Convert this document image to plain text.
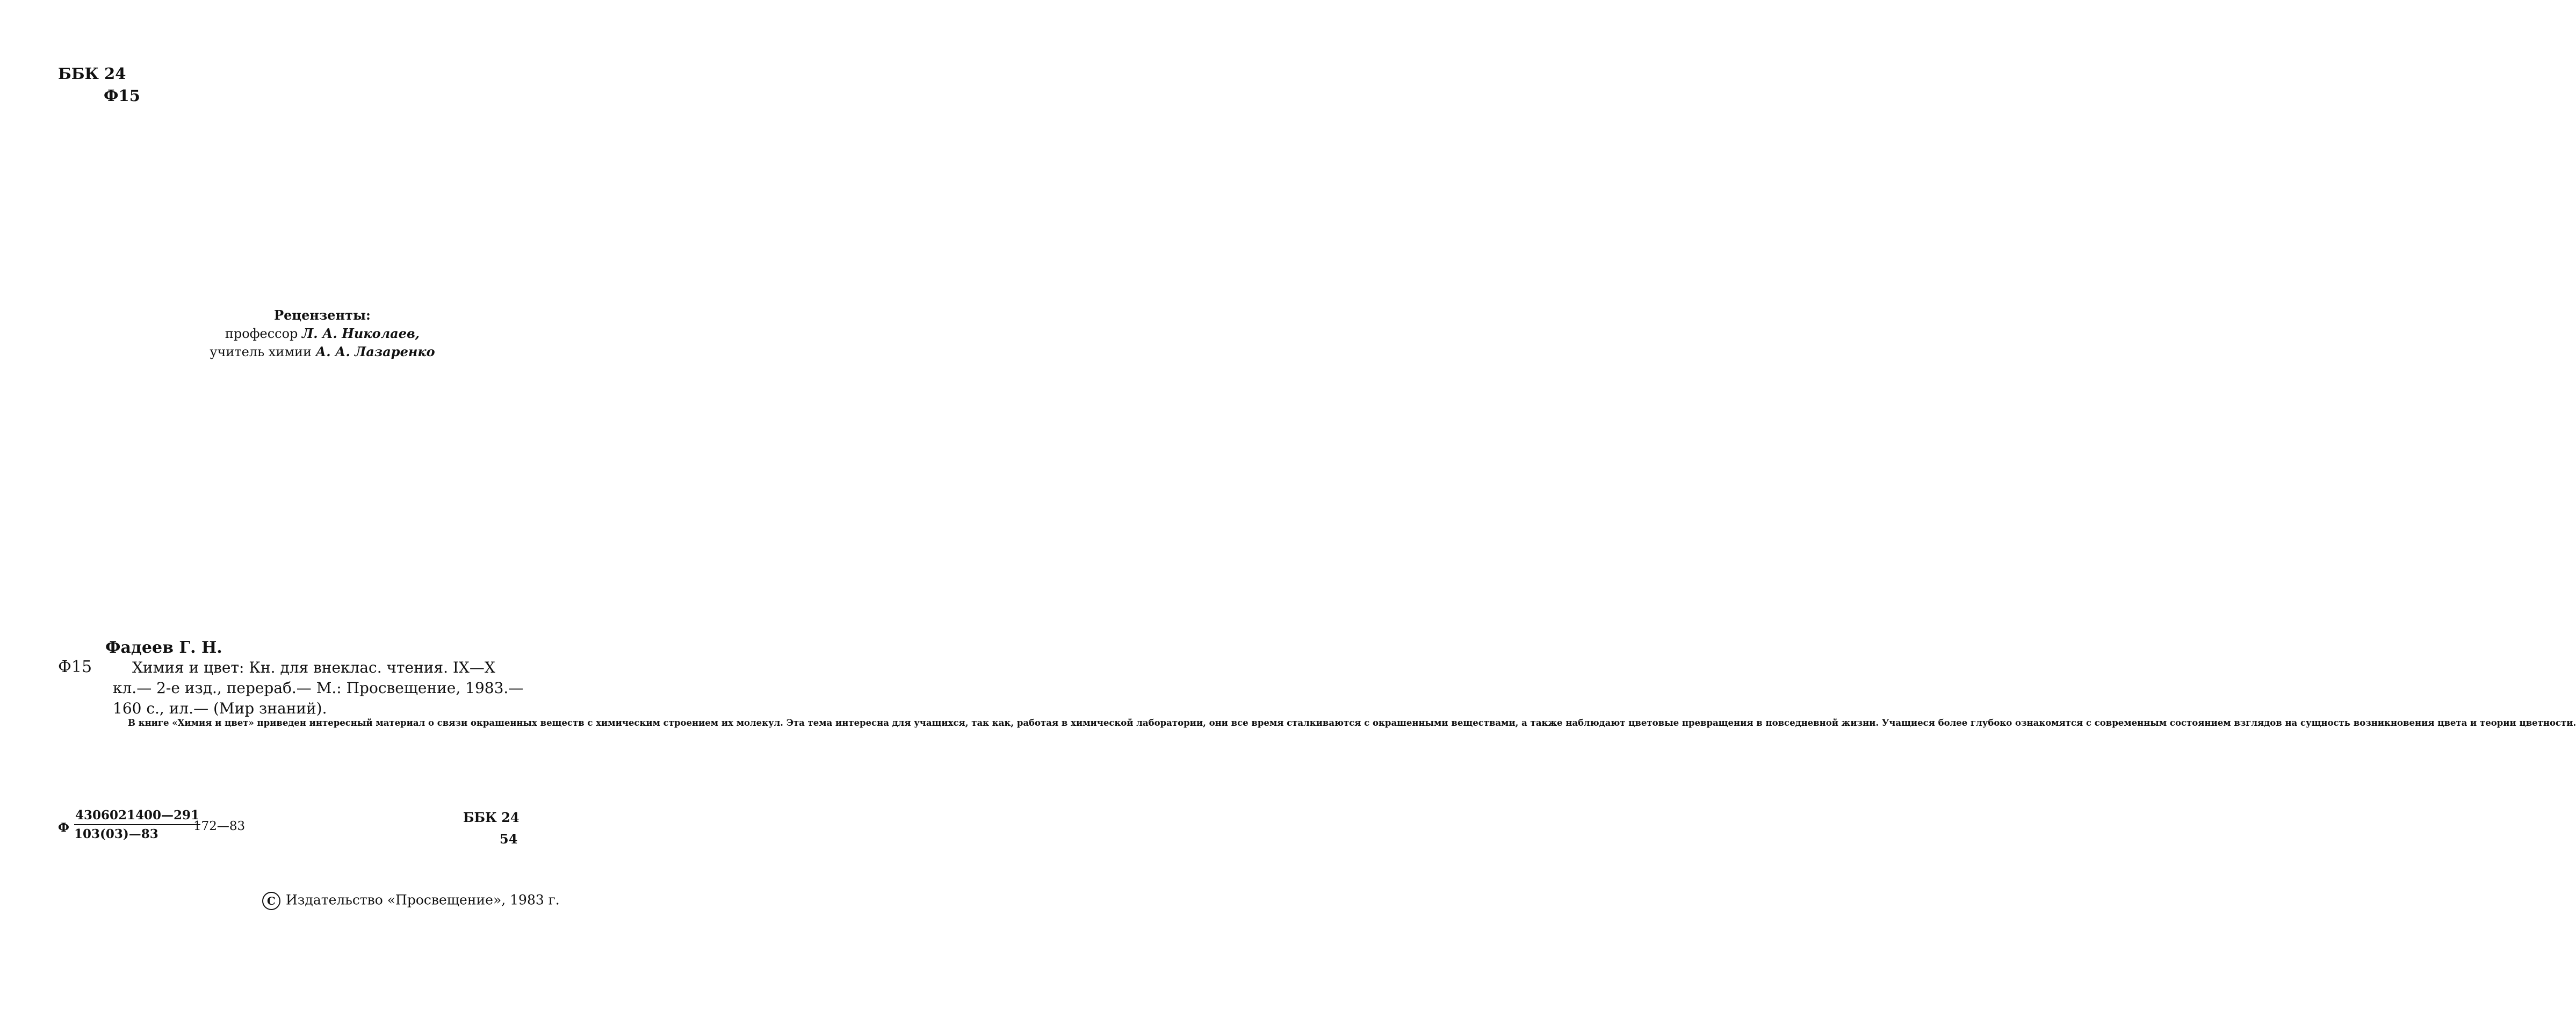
ББК 24
Ф15
Рецензенты:
профессор Л. А. Николаев,
учитель химии А. А. Лазаренко
Фадеев Г. Н.
Ф15	Химия и цвет: Кн. для внеклас. чтения. IX—X
кл.— 2-е изд., перераб.— М.: Просвещение, 1983.—
160 с., ил.— (Мир знаний).

В книге «Химия и цвет» приведен интересный материал о связи окрашенных веществ с химическим строением их молекул. Эта тема интересна для учащихся, так как, работая в химической лаборатории, они все время сталкиваются с окрашенными веществами, а также наблюдают цветовые превращения в повседневной жизни. Учащиеся более глубоко ознакомятся с современным состоянием взглядов на сущность возникновения цвета и теории цветности.

Ф $\frac{4306021400—291}{103(03)—83}$
172—83
ББК 24
54
C Издательство «Просвещение», 1983 г.
